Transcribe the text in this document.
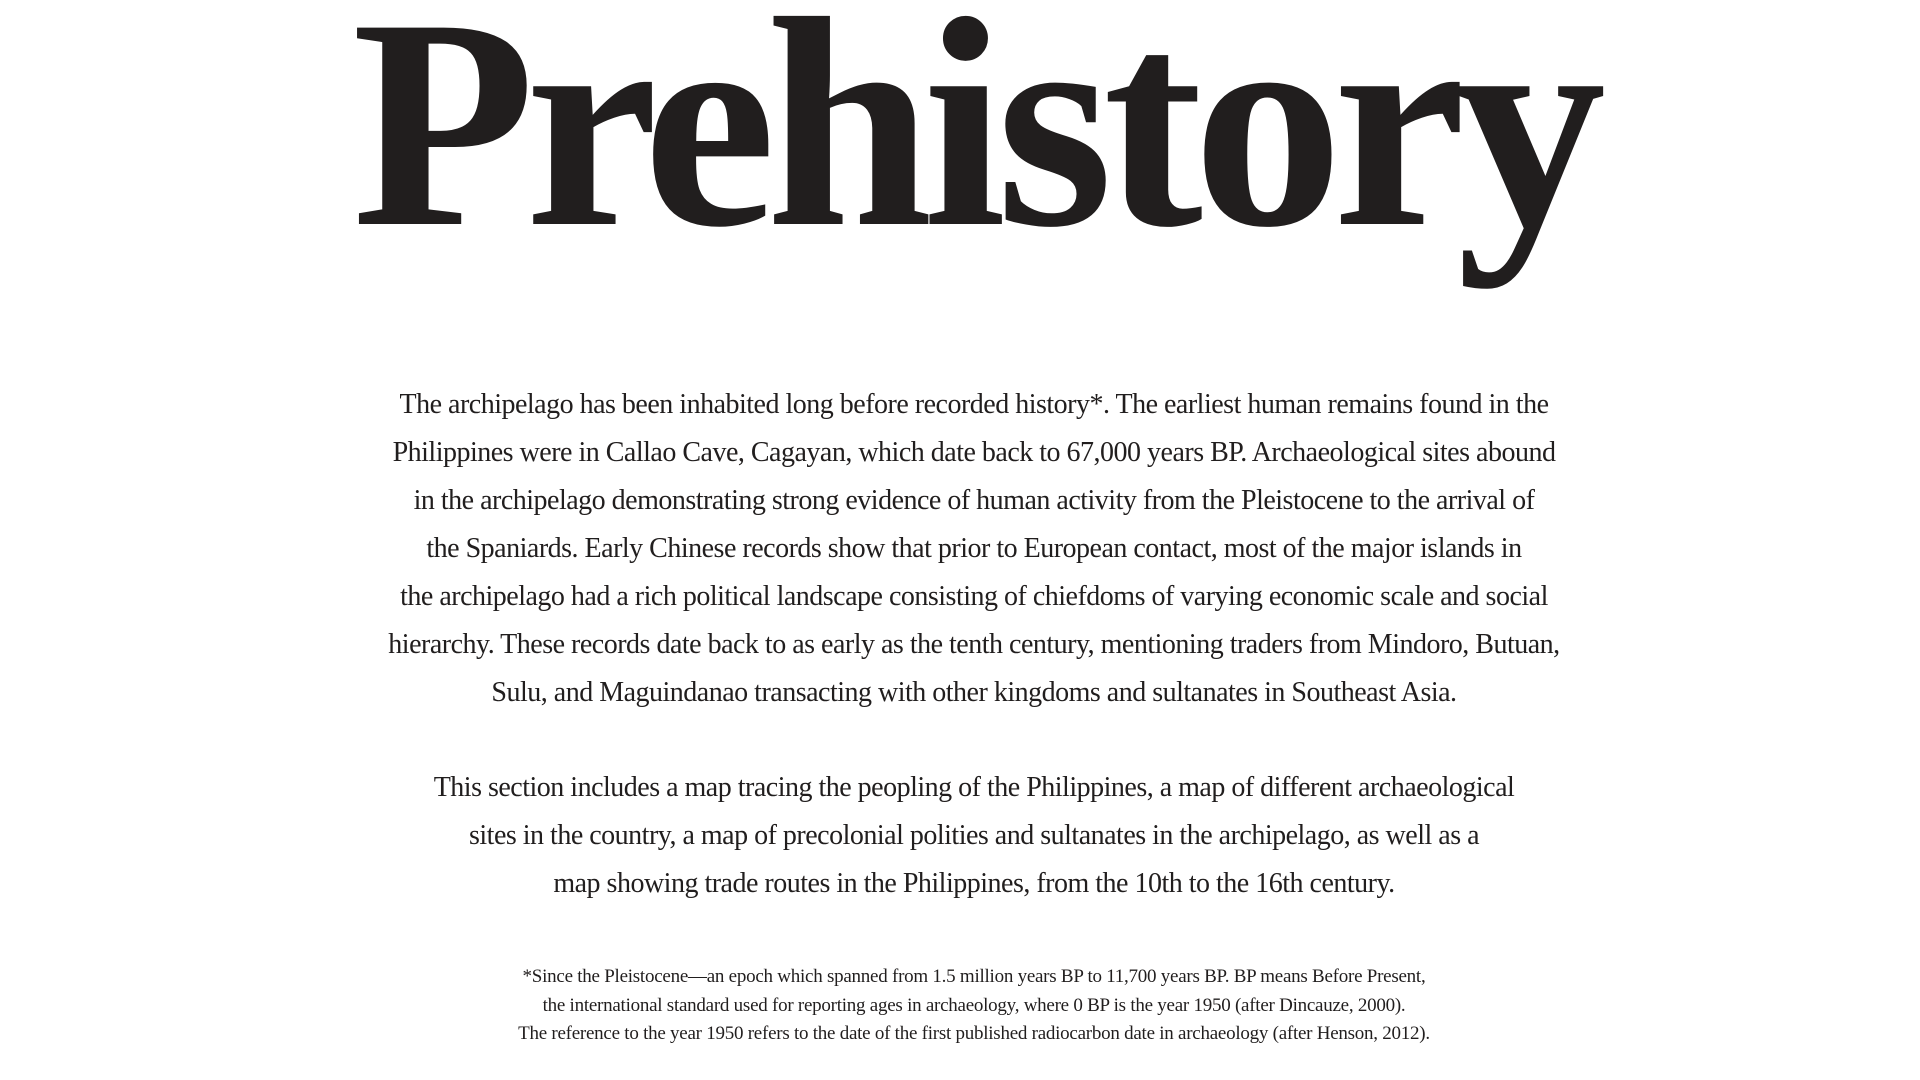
Prehistory
The archipelago has been inhabited long before recorded history*. The earliest human remains found in the
Philippines were in Callao Cave, Cagayan, which date back to 67,000 years BP. Archaeological sites abound
in the archipelago demonstrating strong evidence of human activity from the Pleistocene to the arrival of
the Spaniards. Early Chinese records show that prior to European contact, most of the major islands in
the archipelago had a rich political landscape consisting of chiefdoms of varying economic scale and social
hierarchy. These records date back to as early as the tenth century, mentioning traders from Mindoro, Butuan,
Sulu, and Maguindanao transacting with other kingdoms and sultanates in Southeast Asia.
This section includes a map tracing the peopling of the Philippines, a map of different archaeological
sites in the country, a map of precolonial polities and sultanates in the archipelago, as well as a
map showing trade routes in the Philippines, from the 10th to the 16th century.
*Since the Pleistocene—an epoch which spanned from 1.5 million years BP to 11,700 years BP. BP means Before Present,
the international standard used for reporting ages in archaeology, where 0 BP is the year 1950 (after Dincauze, 2000).
The reference to the year 1950 refers to the date of the first published radiocarbon date in archaeology (after Henson, 2012).
